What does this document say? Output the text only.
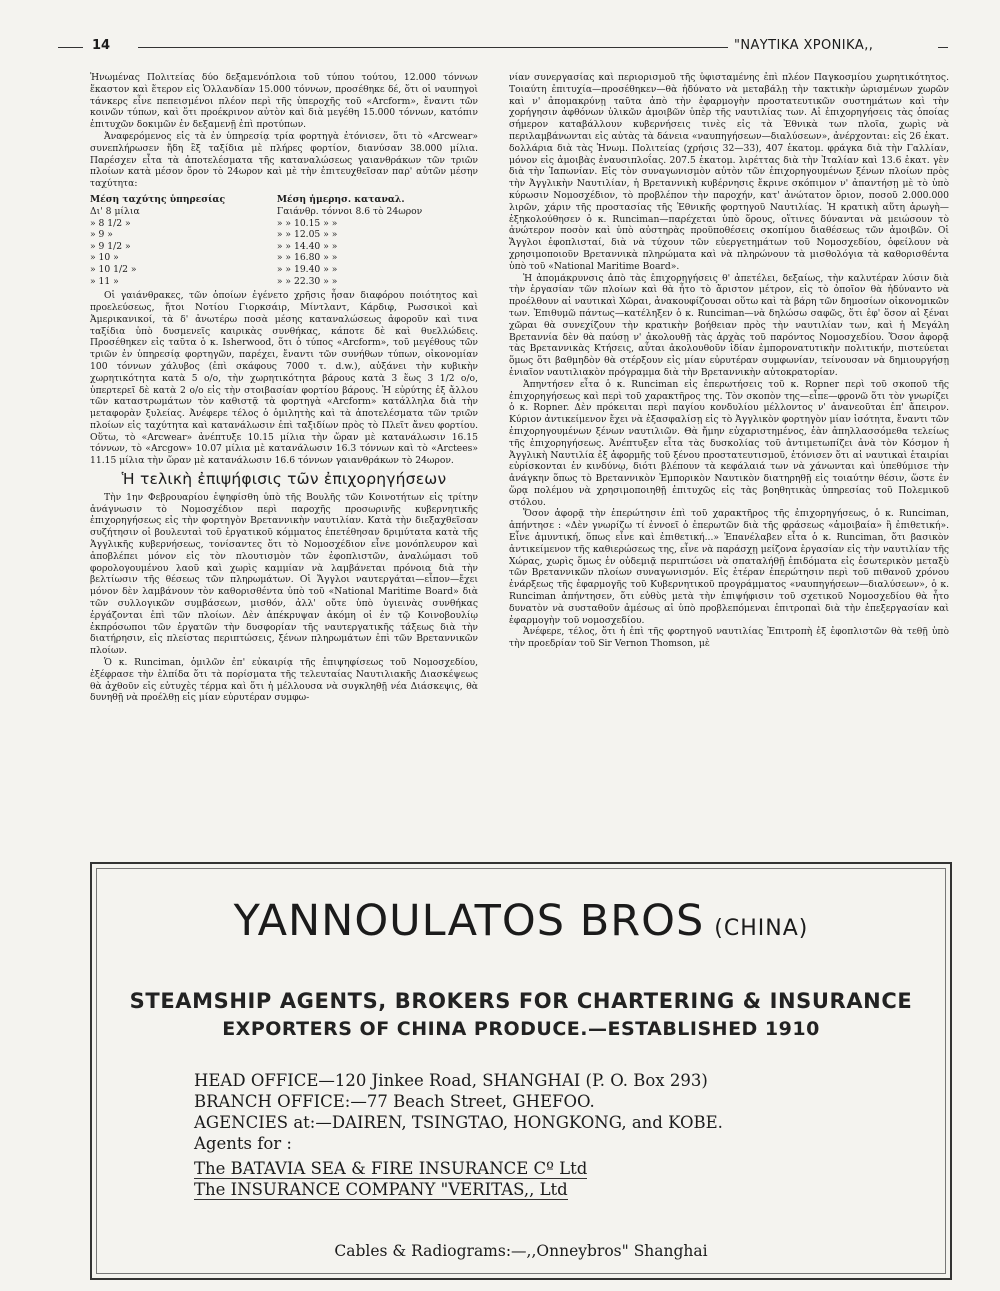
14	"ΝΑΥΤΙΚΑ ΧΡΟΝΙΚΑ,,

Ἡνωμένας Πολιτείας δύο δεξαμενόπλοια τοῦ τύπου τούτου, 12.000 τόννων ἕκαστον καὶ ἕτερον εἰς Ὁλλανδίαν 15.000 τόννων, προσέθηκε δέ, ὅτι οἱ ναυπηγοὶ τάνκερς εἶνε πεπεισμένοι πλέον περὶ τῆς ὑπεροχῆς τοῦ «Arcform», ἔναντι τῶν κοινῶν τύπων, καὶ ὅτι προέκρινον αὐτὸν καὶ διὰ μεγέθη 15.000 τόννων, κατόπιν ἐπιτυχῶν δοκιμῶν ἐν δεξαμενῇ ἐπὶ προτύπων.

Ἀναφερόμενος εἰς τὰ ἐν ὑπηρεσίᾳ τρία φορτηγὰ ἐτόνισεν, ὅτι τὸ «Arcwear» συνεπλήρωσεν ἤδη ἓξ ταξίδια μὲ πλήρες φορτίον, διανύσαν 38.000 μίλια. Παρέσχεν εἶτα τὰ ἀποτελέσματα τῆς καταναλώσεως γαιανθράκων τῶν τριῶν πλοίων κατὰ μέσον ὅρον τὸ 24ωρον καὶ μὲ τὴν ἐπιτευχθεῖσαν παρ' αὐτῶν μέσην ταχύτητα:

Μέση ταχύτης ὑπηρεσίας	Μέση ἡμερησ. καταναλ.
Δι' 8 μίλια	Γαιάνθρ. τόννοι 8.6 τὸ 24ωρον
» 8 1/2 »	» » 10.15 » »
» 9 »	» » 12.05 » »
» 9 1/2 »	» » 14.40 » »
» 10 »	» » 16.80 » »
» 10 1/2 »	» » 19.40 » »
» 11 »	» » 22.30 » »

Οἱ γαιάνθρακες, τῶν ὁποίων ἐγένετο χρῆσις ἦσαν διαφόρου ποιότητος καὶ προελεύσεως, ἤτοι Νοτίου Γιορκσάιρ, Μίντλαντ, Κάρδιφ, Ρωσσικοὶ καὶ Ἀμερικανικοί, τὰ δ' ἀνωτέρω ποσὰ μέσης καταναλώσεως ἀφοροῦν καὶ τινα ταξίδια ὑπὸ δυσμενεῖς καιρικὰς συνθήκας, κάποτε δὲ καὶ θυελλώδεις. Προσέθηκεν εἰς ταῦτα ὁ κ. Isherwood, ὅτι ὁ τύπος «Arcform», τοῦ μεγέθους τῶν τριῶν ἐν ὑπηρεσίᾳ φορτηγῶν, παρέχει, ἔναντι τῶν συνήθων τύπων, οἰκονομίαν 100 τόννων χάλυβος (ἐπὶ σκάφους 7000 τ. d.w.), αὐξάνει τὴν κυβικὴν χωρητικότητα κατὰ 5 ο/ο, τὴν χωρητικότητα βάρους κατὰ 3 ἕως 3 1/2 ο/ο, ὑπερτερεῖ δὲ κατὰ 2 ο/ο εἰς τὴν στοιβασίαν φορτίου βάρους. Ἡ εὐρύτης ἐξ ἄλλου τῶν καταστρωμάτων τὸν καθιστᾷ τὰ φορτηγὰ «Arcform» κατάλληλα διὰ τὴν μεταφορὰν ξυλείας. Ἀνέφερε τέλος ὁ ὁμιλητὴς καὶ τὰ ἀποτελέσματα τῶν τριῶν πλοίων εἰς ταχύτητα καὶ κατανάλωσιν ἐπὶ ταξιδίων πρὸς τὸ Πλεῖτ ἄνευ φορτίου. Οὕτω, τὸ «Arcwear» ἀνέπτυξε 10.15 μίλια τὴν ὥραν μὲ κατανάλωσιν 16.15 τόννων, τὸ «Arcgow» 10.07 μίλια μὲ κατανάλωσιν 16.3 τόννων καὶ τὸ «Arctees» 11.15 μίλια τὴν ὥραν μὲ κατανάλωσιν 16.6 τόννων γαιανθράκων τὸ 24ωρον.

Ἡ τελικὴ ἐπιψήφισις τῶν ἐπιχορηγήσεων

Τὴν 1ην Φεβρουαρίου ἐψηφίσθη ὑπὸ τῆς Βουλῆς τῶν Κοινοτήτων εἰς τρίτην ἀνάγνωσιν τὸ Νομοσχέδιον περὶ παροχῆς προσωρινῆς κυβερνητικῆς ἐπιχορηγήσεως εἰς τὴν φορτηγὸν Βρεταννικὴν ναυτιλίαν. Κατὰ τὴν διεξαχθεῖσαν συζήτησιν οἱ βουλευταὶ τοῦ ἐργατικοῦ κόμματος ἐπετέθησαν δριμύτατα κατὰ τῆς Ἀγγλικῆς κυβερνήσεως, τονίσαντες ὅτι τὸ Νομοσχέδιον εἶνε μονόπλευρον καὶ ἀποβλέπει μόνον εἰς τὸν πλουτισμὸν τῶν ἐφοπλιστῶν, ἀναλώμασι τοῦ φορολογουμένου λαοῦ καὶ χωρὶς καμμίαν νὰ λαμβάνεται πρόνοια διὰ τὴν βελτίωσιν τῆς θέσεως τῶν πληρωμάτων. Οἱ Ἄγγλοι ναυτεργάται—εἶπον—ἔχει μόνον δὲν λαμβάνουν τὸν καθορισθέντα ὑπὸ τοῦ «National Maritime Board» διὰ τῶν συλλογικῶν συμβάσεων, μισθόν, ἀλλ' οὔτε ὑπὸ ὑγιεινὰς συνθήκας ἐργάζονται ἐπὶ τῶν πλοίων. Δὲν ἀπέκρυψαν ἀκόμη οἱ ἐν τῷ Κοινοβουλίῳ ἐκπρόσωποι τῶν ἐργατῶν τὴν δυσφορίαν τῆς ναυτεργατικῆς τάξεως διὰ τὴν διατήρησιν, εἰς πλείστας περιπτώσεις, ξένων πληρωμάτων ἐπὶ τῶν Βρεταννικῶν πλοίων.

Ὁ κ. Runciman, ὁμιλῶν ἐπ' εὐκαιρίᾳ τῆς ἐπιψηφίσεως τοῦ Νομοσχεδίου, ἐξέφρασε τὴν ἐλπίδα ὅτι τὰ πορίσματα τῆς τελευταίας Ναυτιλιακῆς Διασκέψεως θὰ ἀχθοῦν εἰς εὐτυχὲς τέρμα καὶ ὅτι ἡ μέλλουσα νὰ συγκληθῇ νέα Διάσκεψις, θὰ δυνηθῇ νὰ προέλθῃ εἰς μίαν εὐρυτέραν συμφω-

νίαν συνεργασίας καὶ περιορισμοῦ τῆς ὑφισταμένης ἐπὶ πλέον Παγκοσμίου χωρητικότητος. Τοιαύτη ἐπιτυχία—προσέθηκεν—θὰ ἠδύνατο νὰ μεταβάλῃ τὴν τακτικὴν ὡρισμένων χωρῶν καὶ ν' ἀπομακρύνῃ ταῦτα ἀπὸ τὴν ἐφαρμογὴν προστατευτικῶν συστημάτων καὶ τὴν χορήγησιν ἀφθόνων ὑλικῶν ἀμοιβῶν ὑπὲρ τῆς ναυτιλίας των. Αἱ ἐπιχορηγήσεις τὰς ὁποίας σήμερον καταβάλλουν κυβερνήσεις τινὲς εἰς τὰ Ἐθνικὰ των πλοῖα, χωρὶς νὰ περιλαμβάνωνται εἰς αὐτὰς τὰ δάνεια «ναυπηγήσεων—διαλύσεων», ἀνέρχονται: εἰς 26 ἑκατ. δολλάρια διὰ τὰς Ἡνωμ. Πολιτείας (χρήσις 32—33), 407 ἑκατομ. φράγκα διὰ τὴν Γαλλίαν, μόνον εἰς ἀμοιβὰς ἐναυσιπλοΐας. 207.5 ἑκατομ. λιρέττας διὰ τὴν Ἰταλίαν καὶ 13.6 ἑκατ. γὲν διὰ τὴν Ἰαπωνίαν. Εἰς τὸν συναγωνισμὸν αὐτὸν τῶν ἐπιχορηγουμένων ξένων πλοίων πρὸς τὴν Ἀγγλικὴν Ναυτιλίαν, ἡ Βρεταννικὴ κυβέρνησις ἔκρινε σκόπιμον ν' ἀπαντήσῃ μὲ τὸ ὑπὸ κύρωσιν Νομοσχέδιον, τὸ προβλέπον τὴν παροχήν, κατ' ἀνώτατον ὅριον, ποσοῦ 2.000.000 λιρῶν, χάριν τῆς προστασίας τῆς Ἐθνικῆς φορτηγοῦ Ναυτιλίας. Ἡ κρατικὴ αὕτη ἀρωγὴ—ἐξηκολούθησεν ὁ κ. Runciman—παρέχεται ὑπὸ ὅρους, οἵτινες δύνανται νὰ μειώσουν τὸ ἀνώτερον ποσὸν καὶ ὑπὸ αὐστηρὰς προϋποθέσεις σκοπίμου διαθέσεως τῶν ἀμοιβῶν. Οἱ Ἄγγλοι ἐφοπλισταί, διὰ νὰ τύχουν τῶν εὐεργετημάτων τοῦ Νομοσχεδίου, ὀφείλουν νὰ χρησιμοποιοῦν Βρεταννικὰ πληρώματα καὶ νὰ πληρώνουν τὰ μισθολόγια τὰ καθορισθέντα ὑπὸ τοῦ «National Maritime Board».

Ἡ ἀπομάκρυνσις ἀπὸ τὰς ἐπιχορηγήσεις θ' ἀπετέλει, δεξαίως, τὴν καλυτέραν λύσιν διὰ τὴν ἐργασίαν τῶν πλοίων καὶ θὰ ἦτο τὸ ἄριστον μέτρον, εἰς τὸ ὁποῖον θὰ ἠδύναντο νὰ προέλθουν αἱ ναυτικαὶ Χῶραι, ἀνακουφίζουσαι οὕτω καὶ τὰ βάρη τῶν δημοσίων οἰκονομικῶν των. Ἐπιθυμῶ πάντως—κατέληξεν ὁ κ. Runciman—νὰ δηλώσω σαφῶς, ὅτι ἐφ' ὅσον αἱ ξέναι χῶραι θὰ συνεχίζουν τὴν κρατικὴν βοήθειαν πρὸς τὴν ναυτιλίαν των, καὶ ἡ Μεγάλη Βρεταννία δὲν θὰ παύσῃ ν' ἀκολουθῇ τὰς ἀρχὰς τοῦ παρόντος Νομοσχεδίου. Ὅσον ἀφορᾷ τὰς Βρεταννικὰς Κτήσεις, αὗται ἀκολουθοῦν ἰδίαν ἐμπορονατυτικὴν πολιτικήν, πιστεύεται ὅμως ὅτι βαθμηδὸν θὰ στέρξουν εἰς μίαν εὐρυτέραν συμφωνίαν, τείνουσαν νὰ δημιουργήσῃ ἑνιαῖον ναυτιλιακὸν πρόγραμμα διὰ τὴν Βρεταννικὴν αὐτοκρατορίαν.

Ἀπηντήσεν εἶτα ὁ κ. Runciman εἰς ἐπερωτήσεις τοῦ κ. Ropner περὶ τοῦ σκοποῦ τῆς ἐπιχορηγήσεως καὶ περὶ τοῦ χαρακτῆρος της. Τὸν σκοπὸν της—εἶπε—φρονῶ ὅτι τὸν γνωρίζει ὁ κ. Ropner. Δὲν πρόκειται περὶ παγίου κονδυλίου μέλλοντος ν' ἀνανεοῦται ἐπ' ἄπειρον. Κύριον ἀντικείμενον ἔχει νὰ ἐξασφαλίσῃ εἰς τὸ Ἀγγλικὸν φορτηγὸν μίαν ἰσότητα, ἔναντι τῶν ἐπιχορηγουμένων ξένων ναυτιλιῶν. Θὰ ἤμην εὐχαριστημένος, ἐὰν ἀπηλλασσόμεθα τελείως τῆς ἐπιχορηγήσεως. Ἀνέπτυξεν εἶτα τὰς δυσκολίας τοῦ ἀντιμετωπίζει ἀνὰ τὸν Κόσμον ἡ Ἀγγλικὴ Ναυτιλία ἐξ ἀφορμῆς τοῦ ξένου προστατευτισμοῦ, ἐτόνισεν ὅτι αἱ ναυτικαὶ ἑταιρίαι εὑρίσκονται ἐν κινδύνῳ, διότι βλέπουν τὰ κεφάλαιά των νὰ χάνωνται καὶ ὑπεθύμισε τὴν ἀνάγκην ὅπως τὸ Βρεταννικὸν Ἐμπορικὸν Ναυτικὸν διατηρηθῇ εἰς τοιαύτην θέσιν, ὥστε ἐν ὥρᾳ πολέμου νὰ χρησιμοποιηθῇ ἐπιτυχῶς εἰς τὰς βοηθητικὰς ὑπηρεσίας τοῦ Πολεμικοῦ στόλου.

Ὅσον ἀφορᾷ τὴν ἐπερώτησιν ἐπὶ τοῦ χαρακτῆρος τῆς ἐπιχορηγήσεως, ὁ κ. Runciman, ἀπήντησε : «Δὲν γνωρίζω τί ἐννοεῖ ὁ ἐπερωτῶν διὰ τῆς φράσεως «ἀμοιβαία» ἢ ἐπιθετική». Εἶνε ἀμυντική, ὅπως εἶνε καὶ ἐπιθετική...» Ἐπανέλαβεν εἶτα ὁ κ. Runciman, ὅτι βασικὸν ἀντικείμενον τῆς καθιερώσεως της, εἶνε νὰ παράσχῃ μείζονα ἐργασίαν εἰς τὴν ναυτιλίαν τῆς Χώρας, χωρὶς ὅμως ἐν οὐδεμιᾷ περιπτώσει νὰ σπαταλήθῇ ἐπιδόματα εἰς ἐσωτερικὸν μεταξὺ τῶν Βρεταννικῶν πλοίων συναγωνισμόν. Εἰς ἑτέραν ἐπερώτησιν περὶ τοῦ πιθανοῦ χρόνου ἐνάρξεως τῆς ἐφαρμογῆς τοῦ Κυβερνητικοῦ προγράμματος «ναυπηγήσεων—διαλύσεων», ὁ κ. Runciman ἀπήντησεν, ὅτι εὐθὺς μετὰ τὴν ἐπιψήφισιν τοῦ σχετικοῦ Νομοσχεδίου θὰ ἦτο δυνατὸν νὰ συσταθοῦν ἀμέσως αἱ ὑπὸ προβλεπόμεναι ἐπιτροπαὶ διὰ τὴν ἐπεξεργασίαν καὶ ἐφαρμογὴν τοῦ νομοσχεδίου.

Ἀνέφερε, τέλος, ὅτι ἡ ἐπὶ τῆς φορτηγοῦ ναυτιλίας Ἐπιτροπὴ ἐξ ἐφοπλιστῶν θὰ τεθῇ ὑπὸ τὴν προεδρίαν τοῦ Sir Vernon Thomson, μὲ

YANNOULATOS BROS (CHINA)
STEAMSHIP AGENTS, BROKERS FOR CHARTERING & INSURANCE
EXPORTERS OF CHINA PRODUCE.—ESTABLISHED 1910
HEAD OFFICE—120 Jinkee Road, SHANGHAI (P. O. Box 293)
BRANCH OFFICE:—77 Beach Street, GHEFOO.
AGENCIES at:—DAIREN, TSINGTAO, HONGKONG, and KOBE.
Agents for :
The BATAVIA SEA & FIRE INSURANCE Cº Ltd
The INSURANCE COMPANY "VERITAS,, Ltd
Cables & Radiograms:—,,Onneybros" Shanghai
